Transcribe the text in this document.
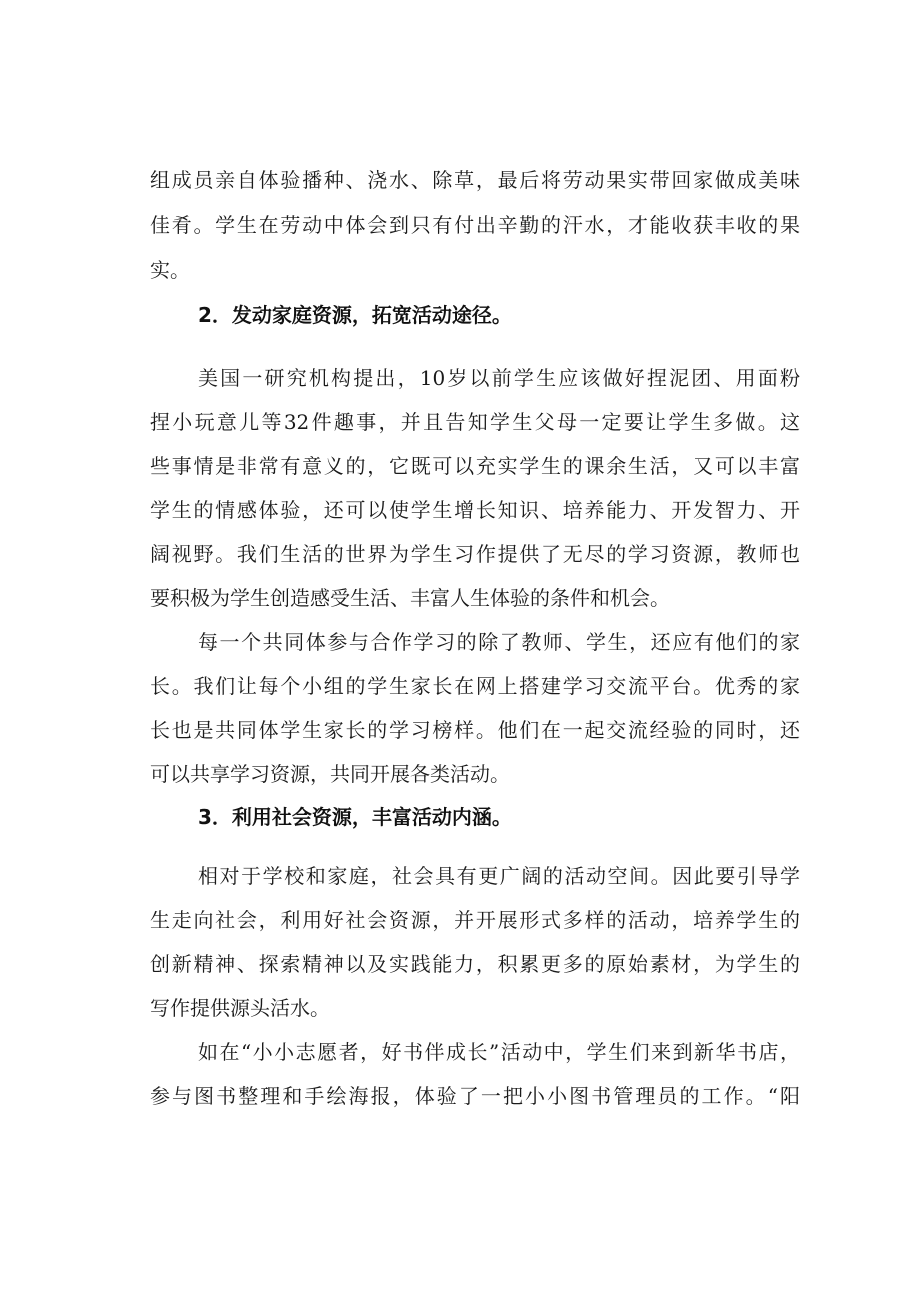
组成员亲自体验播种、浇水、除草，最后将劳动果实带回家做成美味
佳肴。学生在劳动中体会到只有付出辛勤的汗水，才能收获丰收的果
实。
2．发动家庭资源，拓宽活动途径。
美国一研究机构提出，10岁以前学生应该做好捏泥团、用面粉
捏小玩意儿等32件趣事，并且告知学生父母一定要让学生多做。这
些事情是非常有意义的，它既可以充实学生的课余生活，又可以丰富
学生的情感体验，还可以使学生增长知识、培养能力、开发智力、开
阔视野。我们生活的世界为学生习作提供了无尽的学习资源，教师也
要积极为学生创造感受生活、丰富人生体验的条件和机会。
每一个共同体参与合作学习的除了教师、学生，还应有他们的家
长。我们让每个小组的学生家长在网上搭建学习交流平台。优秀的家
长也是共同体学生家长的学习榜样。他们在一起交流经验的同时，还
可以共享学习资源，共同开展各类活动。
3．利用社会资源，丰富活动内涵。
相对于学校和家庭，社会具有更广阔的活动空间。因此要引导学
生走向社会，利用好社会资源，并开展形式多样的活动，培养学生的
创新精神、探索精神以及实践能力，积累更多的原始素材，为学生的
写作提供源头活水。
如在“小小志愿者，好书伴成长”活动中，学生们来到新华书店，
参与图书整理和手绘海报，体验了一把小小图书管理员的工作。“阳
